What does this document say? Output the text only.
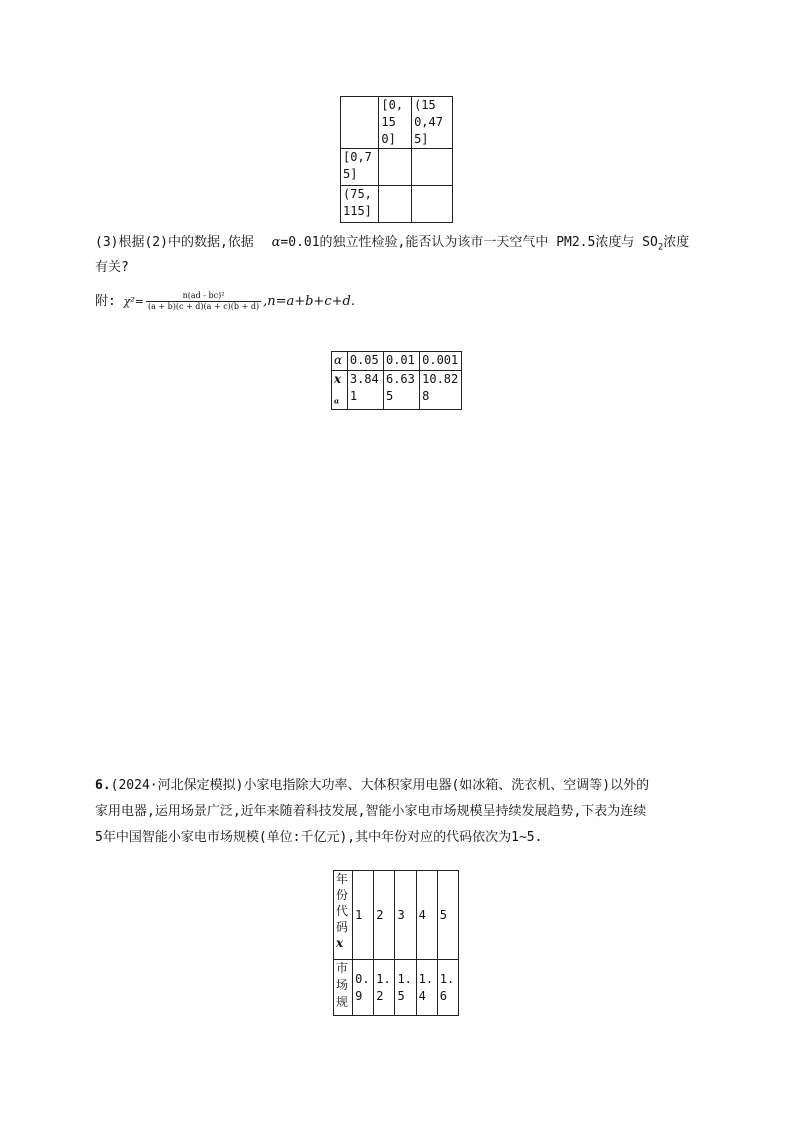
	[0,150]	(150,475]
[0,75]		
(75,115]		
(3)根据(2)中的数据,依据 α=0.01的独立性检验,能否认为该市一天空气中 PM2.5浓度与 $SO_2$浓度
有关?
附: $\chi^2= \frac{\text{n(ad - bc)²}}{(a + b)(c + d)(a + c)(b + d)} ,n=a+b+c+d$.
α	0.05	0.01	0.001
$x_\alpha$	3.841	6.635	10.828
6.(2024·河北保定模拟)小家电指除大功率、大体积家用电器(如冰箱、洗衣机、空调等)以外的
家用电器,运用场景广泛,近年来随着科技发展,智能小家电市场规模呈持续发展趋势,下表为连续
5年中国智能小家电市场规模(单位:千亿元),其中年份对应的代码依次为1~5.
年份代码
x	1	2	3	4	5
市场规	0.9	1.2	1.5	1.4	1.6
